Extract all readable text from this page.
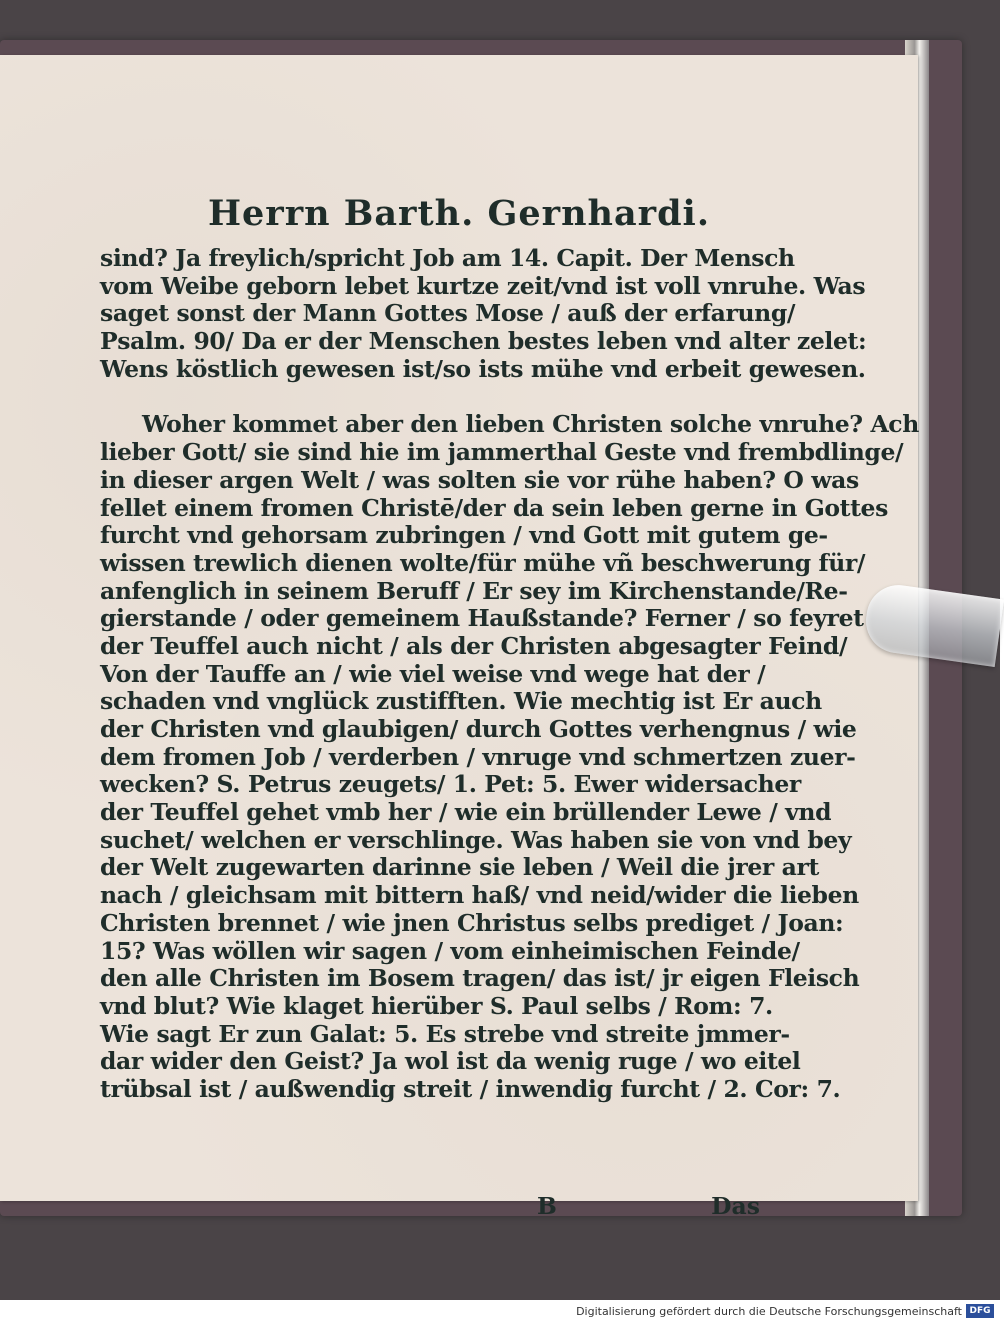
Herrn Barth. Gernhardi.
sind? Ja freylich/spricht Job am 14. Capit. Der Mensch
vom Weibe geborn lebet kurtze zeit/vnd ist voll vnruhe. Was
saget sonst der Mann Gottes Mose / auß der erfarung/
Psalm. 90/ Da er der Menschen bestes leben vnd alter zelet:
Wens köstlich gewesen ist/so ists mühe vnd erbeit gewesen.
Woher kommet aber den lieben Christen solche vnruhe? Ach
lieber Gott/ sie sind hie im jammerthal Geste vnd frembdlinge/
in dieser argen Welt / was solten sie vor rühe haben? O was
fellet einem fromen Christē/der da sein leben gerne in Gottes
furcht vnd gehorsam zubringen / vnd Gott mit gutem ge-
wissen trewlich dienen wolte/für mühe vñ beschwerung für/
anfenglich in seinem Beruff / Er sey im Kirchenstande/Re-
gierstande / oder gemeinem Haußstande? Ferner / so feyret
der Teuffel auch nicht / als der Christen abgesagter Feind/
Von der Tauffe an / wie viel weise vnd wege hat der /
schaden vnd vnglück zustifften. Wie mechtig ist Er auch
der Christen vnd glaubigen/ durch Gottes verhengnus / wie
dem fromen Job / verderben / vnruge vnd schmertzen zuer-
wecken? S. Petrus zeugets/ 1. Pet: 5. Ewer widersacher
der Teuffel gehet vmb her / wie ein brüllender Lewe / vnd
suchet/ welchen er verschlinge. Was haben sie von vnd bey
der Welt zugewarten darinne sie leben / Weil die jrer art
nach / gleichsam mit bittern haß/ vnd neid/wider die lieben
Christen brennet / wie jnen Christus selbs prediget / Joan:
15? Was wöllen wir sagen / vom einheimischen Feinde/
den alle Christen im Bosem tragen/ das ist/ jr eigen Fleisch
vnd blut? Wie klaget hierüber S. Paul selbs / Rom: 7.
Wie sagt Er zun Galat: 5. Es strebe vnd streite jmmer-
dar wider den Geist? Ja wol ist da wenig ruge / wo eitel
trübsal ist / außwendig streit / inwendig furcht / 2. Cor: 7.
B	Das
Digitalisierung gefördert durch die Deutsche Forschungsgemeinschaft DFG
